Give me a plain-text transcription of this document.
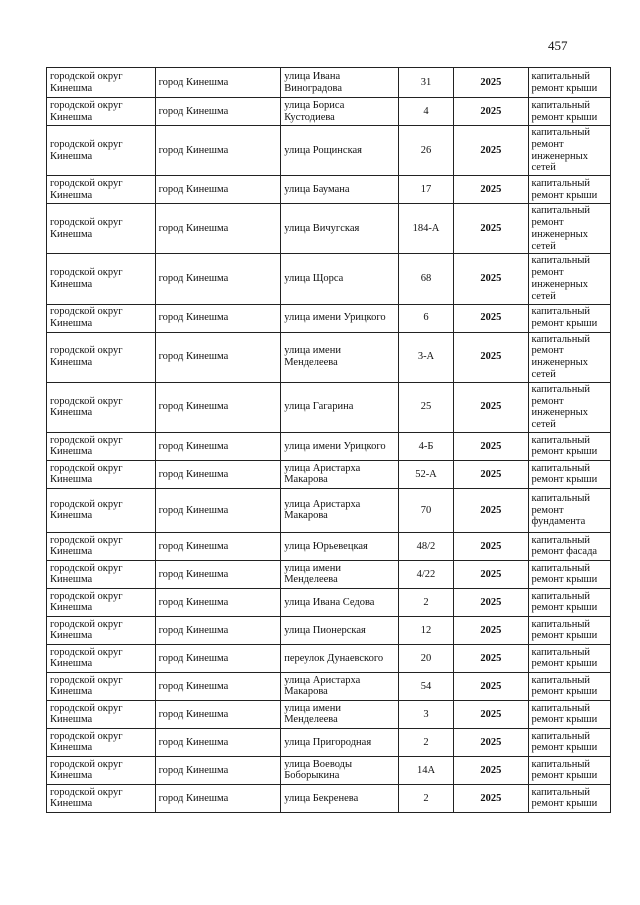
457
городской округ Кинешма	город Кинешма	улица Ивана Виноградова	31	2025	капитальный ремонт крыши
городской округ Кинешма	город Кинешма	улица Бориса Кустодиева	4	2025	капитальный ремонт крыши
городской округ Кинешма	город Кинешма	улица Рощинская	26	2025	капитальный ремонт инженерных сетей
городской округ Кинешма	город Кинешма	улица Баумана	17	2025	капитальный ремонт крыши
городской округ Кинешма	город Кинешма	улица Вичугская	184-А	2025	капитальный ремонт инженерных сетей
городской округ Кинешма	город Кинешма	улица Щорса	68	2025	капитальный ремонт инженерных сетей
городской округ Кинешма	город Кинешма	улица имени Урицкого	6	2025	капитальный ремонт крыши
городской округ Кинешма	город Кинешма	улица имени Менделеева	3-А	2025	капитальный ремонт инженерных сетей
городской округ Кинешма	город Кинешма	улица Гагарина	25	2025	капитальный ремонт инженерных сетей
городской округ Кинешма	город Кинешма	улица имени Урицкого	4-Б	2025	капитальный ремонт крыши
городской округ Кинешма	город Кинешма	улица Аристарха Макарова	52-А	2025	капитальный ремонт крыши
городской округ Кинешма	город Кинешма	улица Аристарха Макарова	70	2025	капитальный ремонт фундамента
городской округ Кинешма	город Кинешма	улица Юрьевецкая	48/2	2025	капитальный ремонт фасада
городской округ Кинешма	город Кинешма	улица имени Менделеева	4/22	2025	капитальный ремонт крыши
городской округ Кинешма	город Кинешма	улица Ивана Седова	2	2025	капитальный ремонт крыши
городской округ Кинешма	город Кинешма	улица Пионерская	12	2025	капитальный ремонт крыши
городской округ Кинешма	город Кинешма	переулок Дунаевского	20	2025	капитальный ремонт крыши
городской округ Кинешма	город Кинешма	улица Аристарха Макарова	54	2025	капитальный ремонт крыши
городской округ Кинешма	город Кинешма	улица имени Менделеева	3	2025	капитальный ремонт крыши
городской округ Кинешма	город Кинешма	улица Пригородная	2	2025	капитальный ремонт крыши
городской округ Кинешма	город Кинешма	улица Воеводы Боборыкина	14А	2025	капитальный ремонт крыши
городской округ Кинешма	город Кинешма	улица Бекренева	2	2025	капитальный ремонт крыши
